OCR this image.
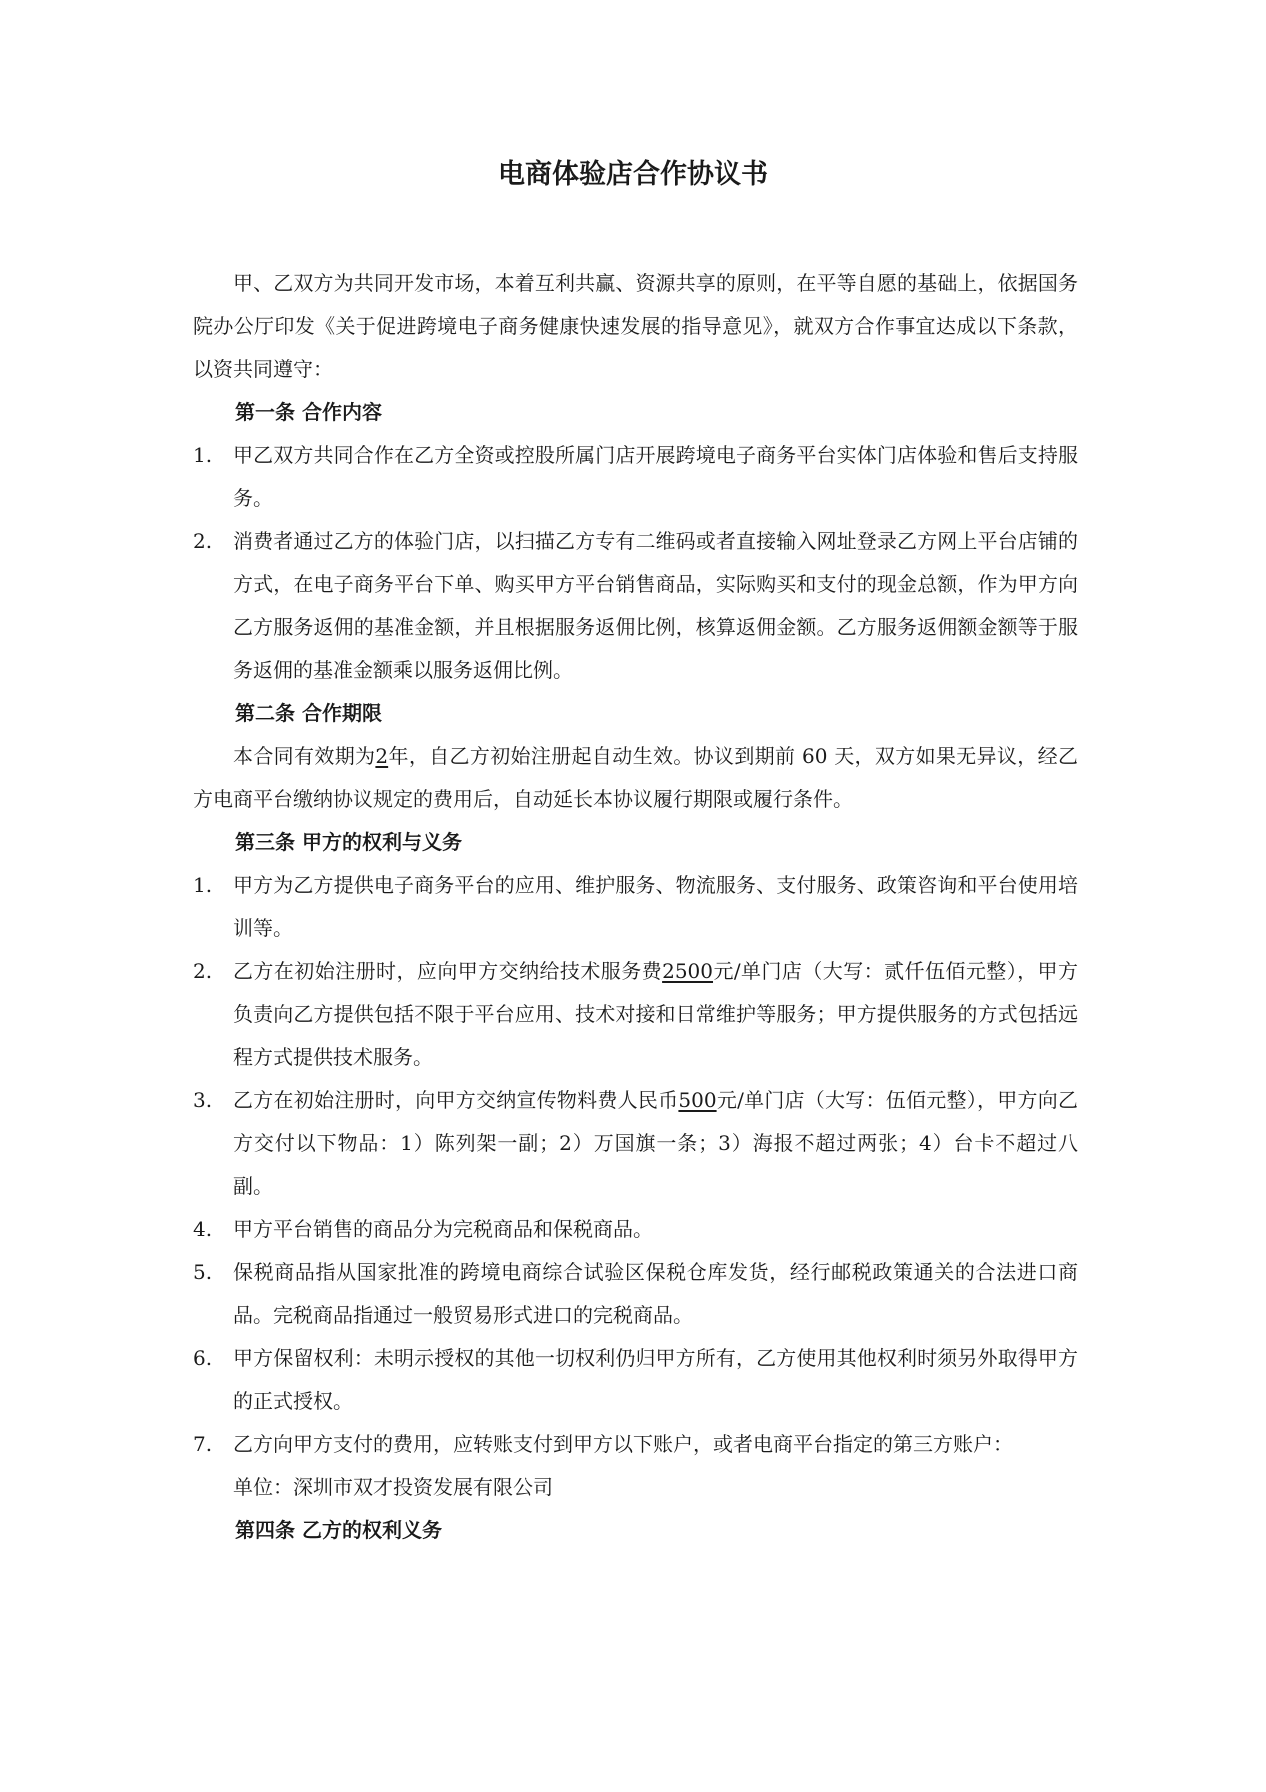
电商体验店合作协议书

甲、乙双方为共同开发市场，本着互利共赢、资源共享的原则，在平等自愿的基础上，依据国务院办公厅印发《关于促进跨境电子商务健康快速发展的指导意见》，就双方合作事宜达成以下条款，以资共同遵守：

第一条 合作内容

1. 甲乙双方共同合作在乙方全资或控股所属门店开展跨境电子商务平台实体门店体验和售后支持服务。

2. 消费者通过乙方的体验门店，以扫描乙方专有二维码或者直接输入网址登录乙方网上平台店铺的方式，在电子商务平台下单、购买甲方平台销售商品，实际购买和支付的现金总额，作为甲方向乙方服务返佣的基准金额，并且根据服务返佣比例，核算返佣金额。乙方服务返佣额金额等于服务返佣的基准金额乘以服务返佣比例。

第二条 合作期限

本合同有效期为2年，自乙方初始注册起自动生效。协议到期前 60 天，双方如果无异议，经乙方电商平台缴纳协议规定的费用后，自动延长本协议履行期限或履行条件。

第三条 甲方的权利与义务

1. 甲方为乙方提供电子商务平台的应用、维护服务、物流服务、支付服务、政策咨询和平台使用培训等。

2. 乙方在初始注册时，应向甲方交纳给技术服务费2500元/单门店（大写：贰仟伍佰元整），甲方负责向乙方提供包括不限于平台应用、技术对接和日常维护等服务；甲方提供服务的方式包括远程方式提供技术服务。

3. 乙方在初始注册时，向甲方交纳宣传物料费人民币500元/单门店（大写：伍佰元整），甲方向乙方交付以下物品：1）陈列架一副；2）万国旗一条；3）海报不超过两张；4）台卡不超过八副。

4. 甲方平台销售的商品分为完税商品和保税商品。

5. 保税商品指从国家批准的跨境电商综合试验区保税仓库发货，经行邮税政策通关的合法进口商品。完税商品指通过一般贸易形式进口的完税商品。

6. 甲方保留权利：未明示授权的其他一切权利仍归甲方所有，乙方使用其他权利时须另外取得甲方的正式授权。

7. 乙方向甲方支付的费用，应转账支付到甲方以下账户，或者电商平台指定的第三方账户：

单位：深圳市双才投资发展有限公司

第四条 乙方的权利义务
